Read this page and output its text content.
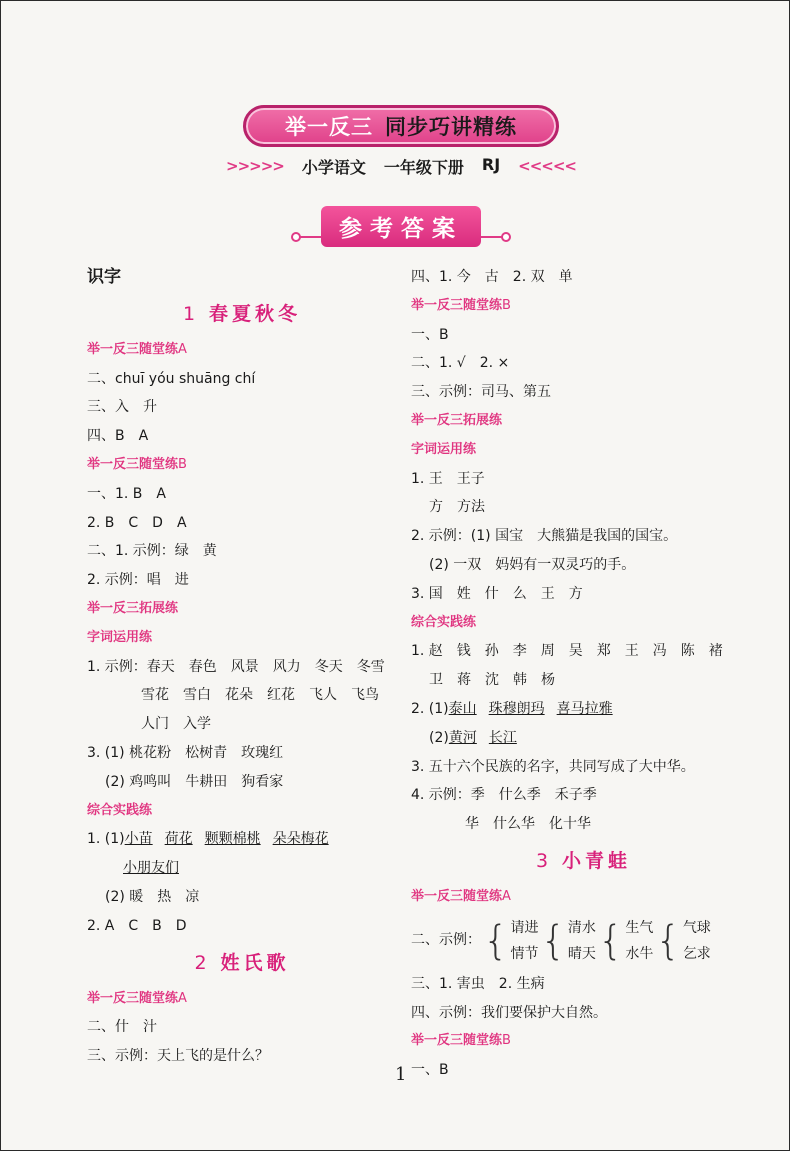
举一反三 同步巧讲精练
>>>>> 小学语文 一年级下册 RJ <<<<<
参考答案
识字
1 春夏秋冬
举一反三随堂练A
二、chuī yóu shuāng chí
三、入　升
四、B　A
举一反三随堂练B
一、1. B　A
2. B　C　D　A
二、1. 示例：绿　黄
2. 示例：唱　进
举一反三拓展练
字词运用练
1. 示例：春天　春色　风景　风力　冬天　冬雪
雪花　雪白　花朵　红花　飞人　飞鸟
人门　入学
3. (1) 桃花粉　松树青　玫瑰红
(2) 鸡鸣叫　牛耕田　狗看家
综合实践练
1. (1)小苗 荷花 颗颗棉桃 朵朵梅花
小朋友们
(2) 暖　热　凉
2. A　C　B　D
2 姓氏歌
举一反三随堂练A
二、什　汁
三、示例：天上飞的是什么？
四、1. 今　古　2. 双　单
举一反三随堂练B
一、B
二、1. √　2. ×
三、示例：司马、第五
举一反三拓展练
字词运用练
1. 王　王子
方　方法
2. 示例：(1) 国宝　大熊猫是我国的国宝。
(2) 一双　妈妈有一双灵巧的手。
3. 国　姓　什　么　王　方
综合实践练
1. 赵　钱　孙　李　周　吴　郑　王　冯　陈　褚
卫　蒋　沈　韩　杨
2. (1)泰山 珠穆朗玛 喜马拉雅
(2)黄河 长江
3. 五十六个民族的名字，共同写成了大中华。
4. 示例：季　什么季　禾子季
华　什么华　化十华
3 小青蛙
举一反三随堂练A
二、示例： { 请进
情节 { 清水
晴天 { 生气
水牛 { 气球
乞求
三、1. 害虫　2. 生病
四、示例：我们要保护大自然。
举一反三随堂练B
一、B
1
